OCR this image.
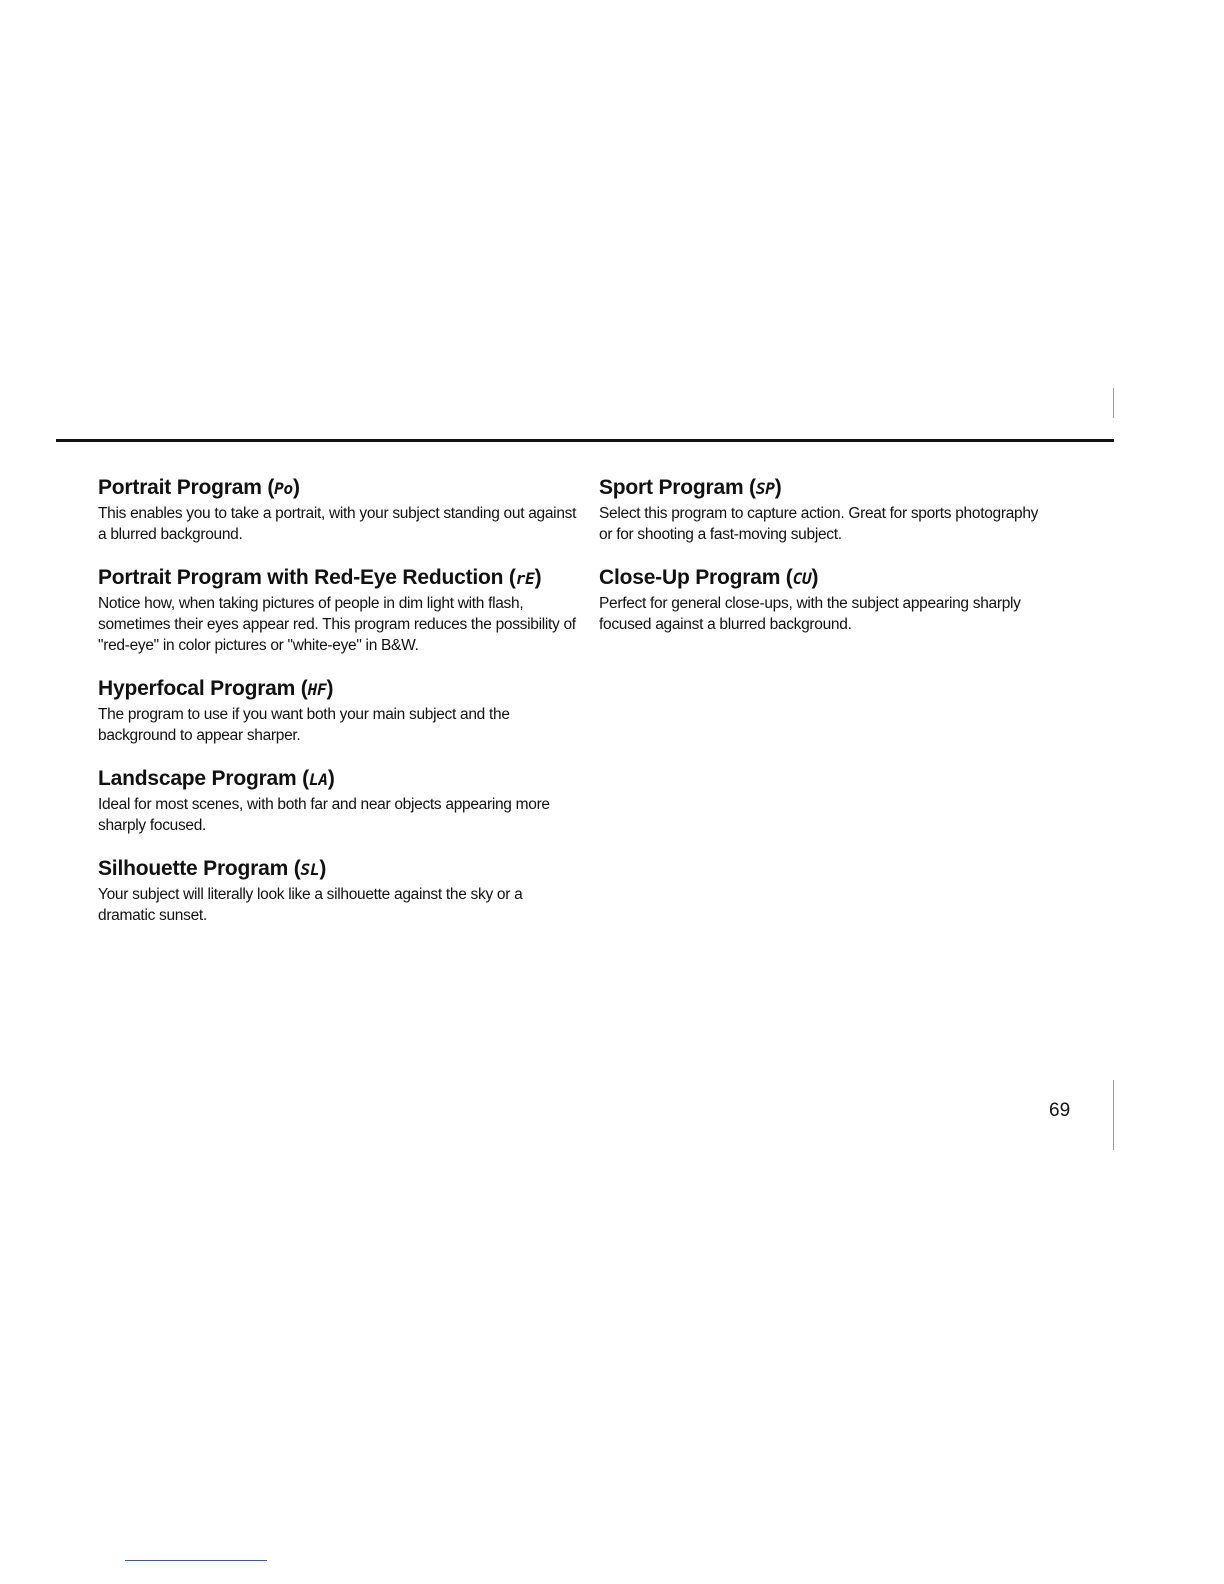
Portrait Program (Po)

This enables you to take a portrait, with your subject standing out against a blurred background.

Portrait Program with Red-Eye Reduction (rE)

Notice how, when taking pictures of people in dim light with flash, sometimes their eyes appear red. This program reduces the possibility of "red-eye" in color pictures or "white-eye" in B&W.

Hyperfocal Program (HF)

The program to use if you want both your main subject and the background to appear sharper.

Landscape Program (LA)

Ideal for most scenes, with both far and near objects appearing more sharply focused.

Silhouette Program (SL)

Your subject will literally look like a silhouette against the sky or a dramatic sunset.

Sport Program (SP)

Select this program to capture action. Great for sports photography or for shooting a fast-moving subject.

Close-Up Program (CU)

Perfect for general close-ups, with the subject appearing sharply focused against a blurred background.

69
